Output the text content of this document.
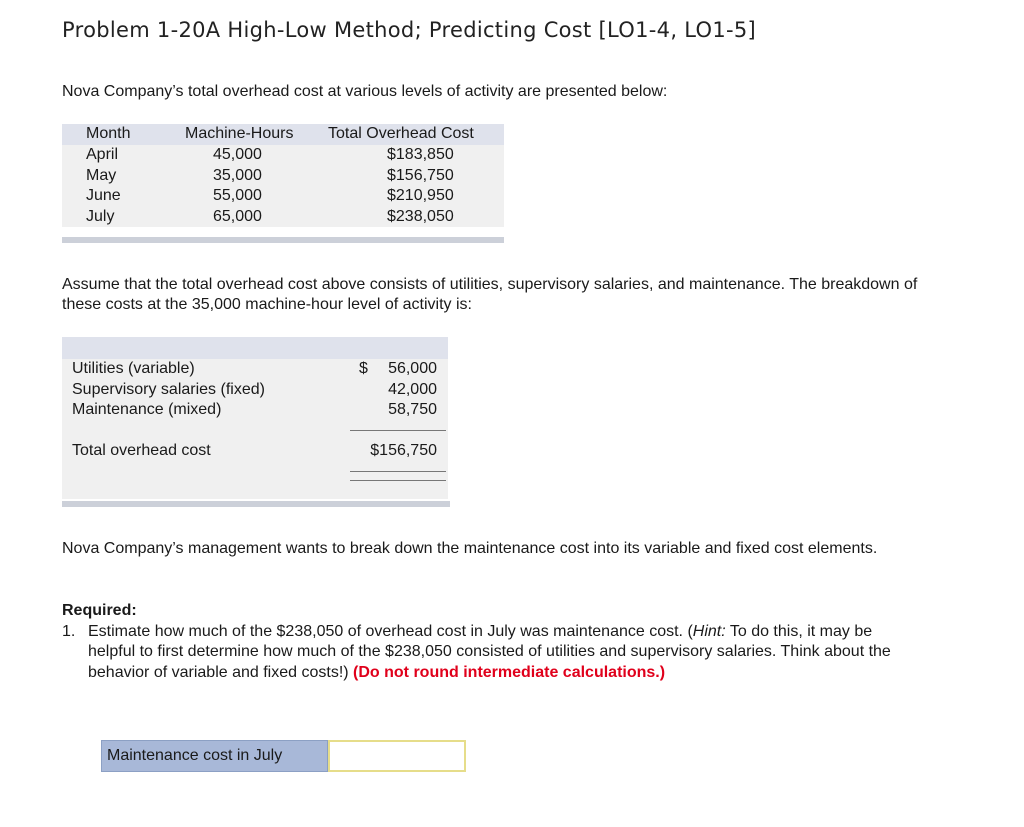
Problem 1-20A High-Low Method; Predicting Cost [LO1-4, LO1-5]

Nova Company’s total overhead cost at various levels of activity are presented below:

Month	Machine-Hours Total Overhead Cost
April	45,000	$183,850
May	35,000	$156,750
June	55,000	$210,950
July	65,000	$238,050

Assume that the total overhead cost above consists of utilities, supervisory salaries, and maintenance. The breakdown of these costs at the 35,000 machine-hour level of activity is:

Utilities (variable)	$ 56,000
Supervisory salaries (fixed)	42,000
Maintenance (mixed)	58,750
Total overhead cost	$156,750

Nova Company’s management wants to break down the maintenance cost into its variable and fixed cost elements.

Required:
1. Estimate how much of the $238,050 of overhead cost in July was maintenance cost. (Hint: To do this, it may be helpful to first determine how much of the $238,050 consisted of utilities and supervisory salaries. Think about the behavior of variable and fixed costs!) (Do not round intermediate calculations.)
Maintenance cost in July
